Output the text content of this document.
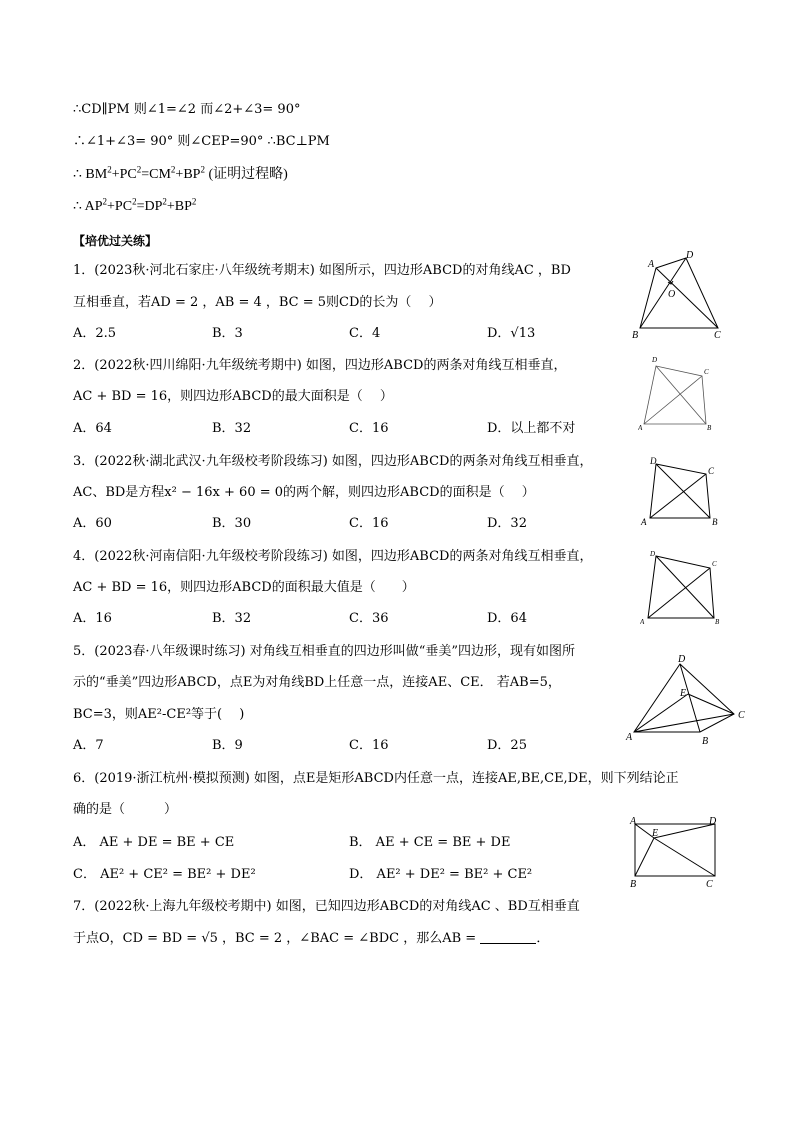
∴CD∥PM 则∠1=∠2 而∠2+∠3= 90°
∴∠1+∠3= 90° 则∠CEP=90° ∴BC⊥PM
∴ $BM^2+PC^2=CM^2+BP^2$ (证明过程略)
∴ $AP^2+PC^2=DP^2+BP^2$
【培优过关练】
1．(2023秋·河北石家庄·八年级统考期末) 如图所示，四边形ABCD的对角线AC ，BD
互相垂直，若AD = 2 ，AB = 4 ，BC = 5则CD的长为（　 ）
A．2.5	B．3	C．4	D．√13
A
D
O
B	C
2．(2022秋·四川绵阳·九年级统考期中) 如图，四边形ABCD的两条对角线互相垂直，
AC + BD = 16，则四边形ABCD的最大面积是（　 ）
A．64	B．32	C．16	D．以上都不对
D
C
A	B
3．(2022秋·湖北武汉·九年级校考阶段练习) 如图，四边形ABCD的两条对角线互相垂直，
AC、BD是方程x² − 16x + 60 = 0的两个解，则四边形ABCD的面积是（　 ）
A．60	B．30	C．16	D．32
D
C
A	B
4．(2022秋·河南信阳·九年级校考阶段练习) 如图，四边形ABCD的两条对角线互相垂直，
AC + BD = 16，则四边形ABCD的面积最大值是（　　）
A．16	B．32	C．36	D．64
D
C
A	B
5．(2023春·八年级课时练习) 对角线互相垂直的四边形叫做“垂美”四边形，现有如图所
示的“垂美”四边形ABCD，点E为对角线BD上任意一点，连接AE、CE． 若AB=5，
BC=3，则AE²-CE²等于(　 )
A．7	B．9	C．16	D．25
D
E
C
A	B
6．(2019·浙江杭州·模拟预测) 如图，点E是矩形ABCD内任意一点，连接AE,BE,CE,DE，则下列结论正
确的是（　　　）
A． AE + DE = BE + CE	B． AE + CE = BE + DE
C． AE² + CE² = BE² + DE²	D． AE² + DE² = BE² + CE²
A
E
D
B	C
7．(2022秋·上海九年级校考期中) 如图，已知四边形ABCD的对角线AC 、BD互相垂直
于点O，CD = BD = √5 ，BC = 2 ，∠BAC = ∠BDC ，那么AB =	．
